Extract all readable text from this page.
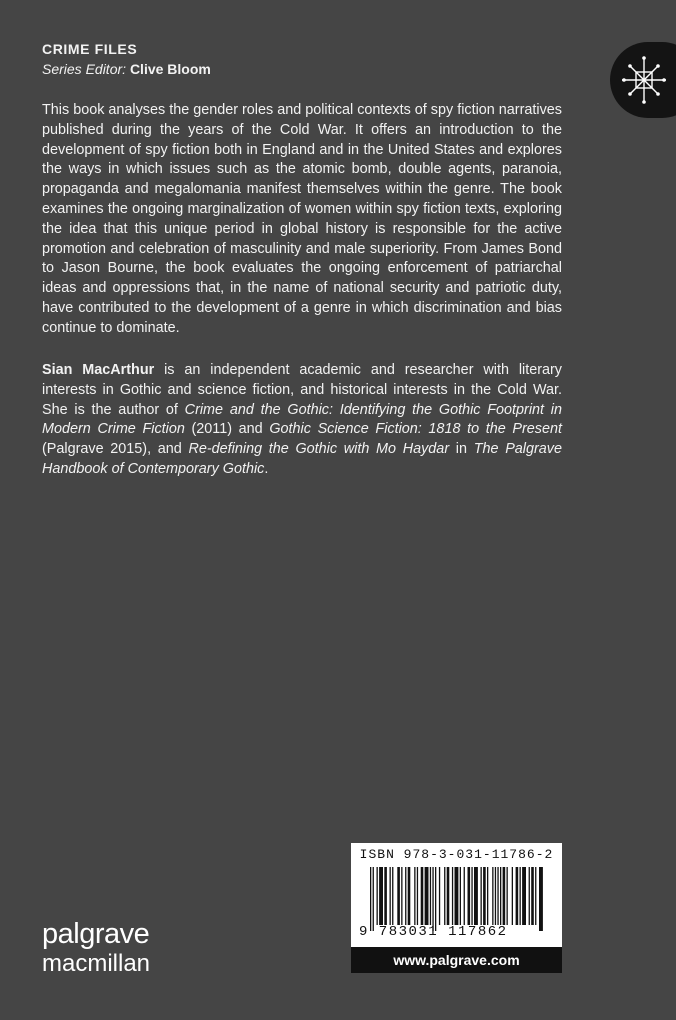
CRIME FILES
Series Editor: Clive Bloom

This book analyses the gender roles and political contexts of spy fiction narratives published during the years of the Cold War. It offers an introduction to the development of spy fiction both in England and in the United States and explores the ways in which issues such as the atomic bomb, double agents, paranoia, propaganda and megalomania manifest themselves within the genre. The book examines the ongoing marginalization of women within spy fiction texts, exploring the idea that this unique period in global history is responsible for the active promotion and celebration of masculinity and male superiority. From James Bond to Jason Bourne, the book evaluates the ongoing enforcement of patriarchal ideas and oppressions that, in the name of national security and patriotic duty, have contributed to the development of a genre in which discrimination and bias continue to dominate.

Sian MacArthur is an independent academic and researcher with literary interests in Gothic and science fiction, and historical interests in the Cold War. She is the author of Crime and the Gothic: Identifying the Gothic Footprint in Modern Crime Fiction (2011) and Gothic Science Fiction: 1818 to the Present (Palgrave 2015), and Re-defining the Gothic with Mo Haydar in The Palgrave Handbook of Contemporary Gothic.

ISBN 978-3-031-11786-2
9 783031 117862
www.palgrave.com
palgrave
macmillan
